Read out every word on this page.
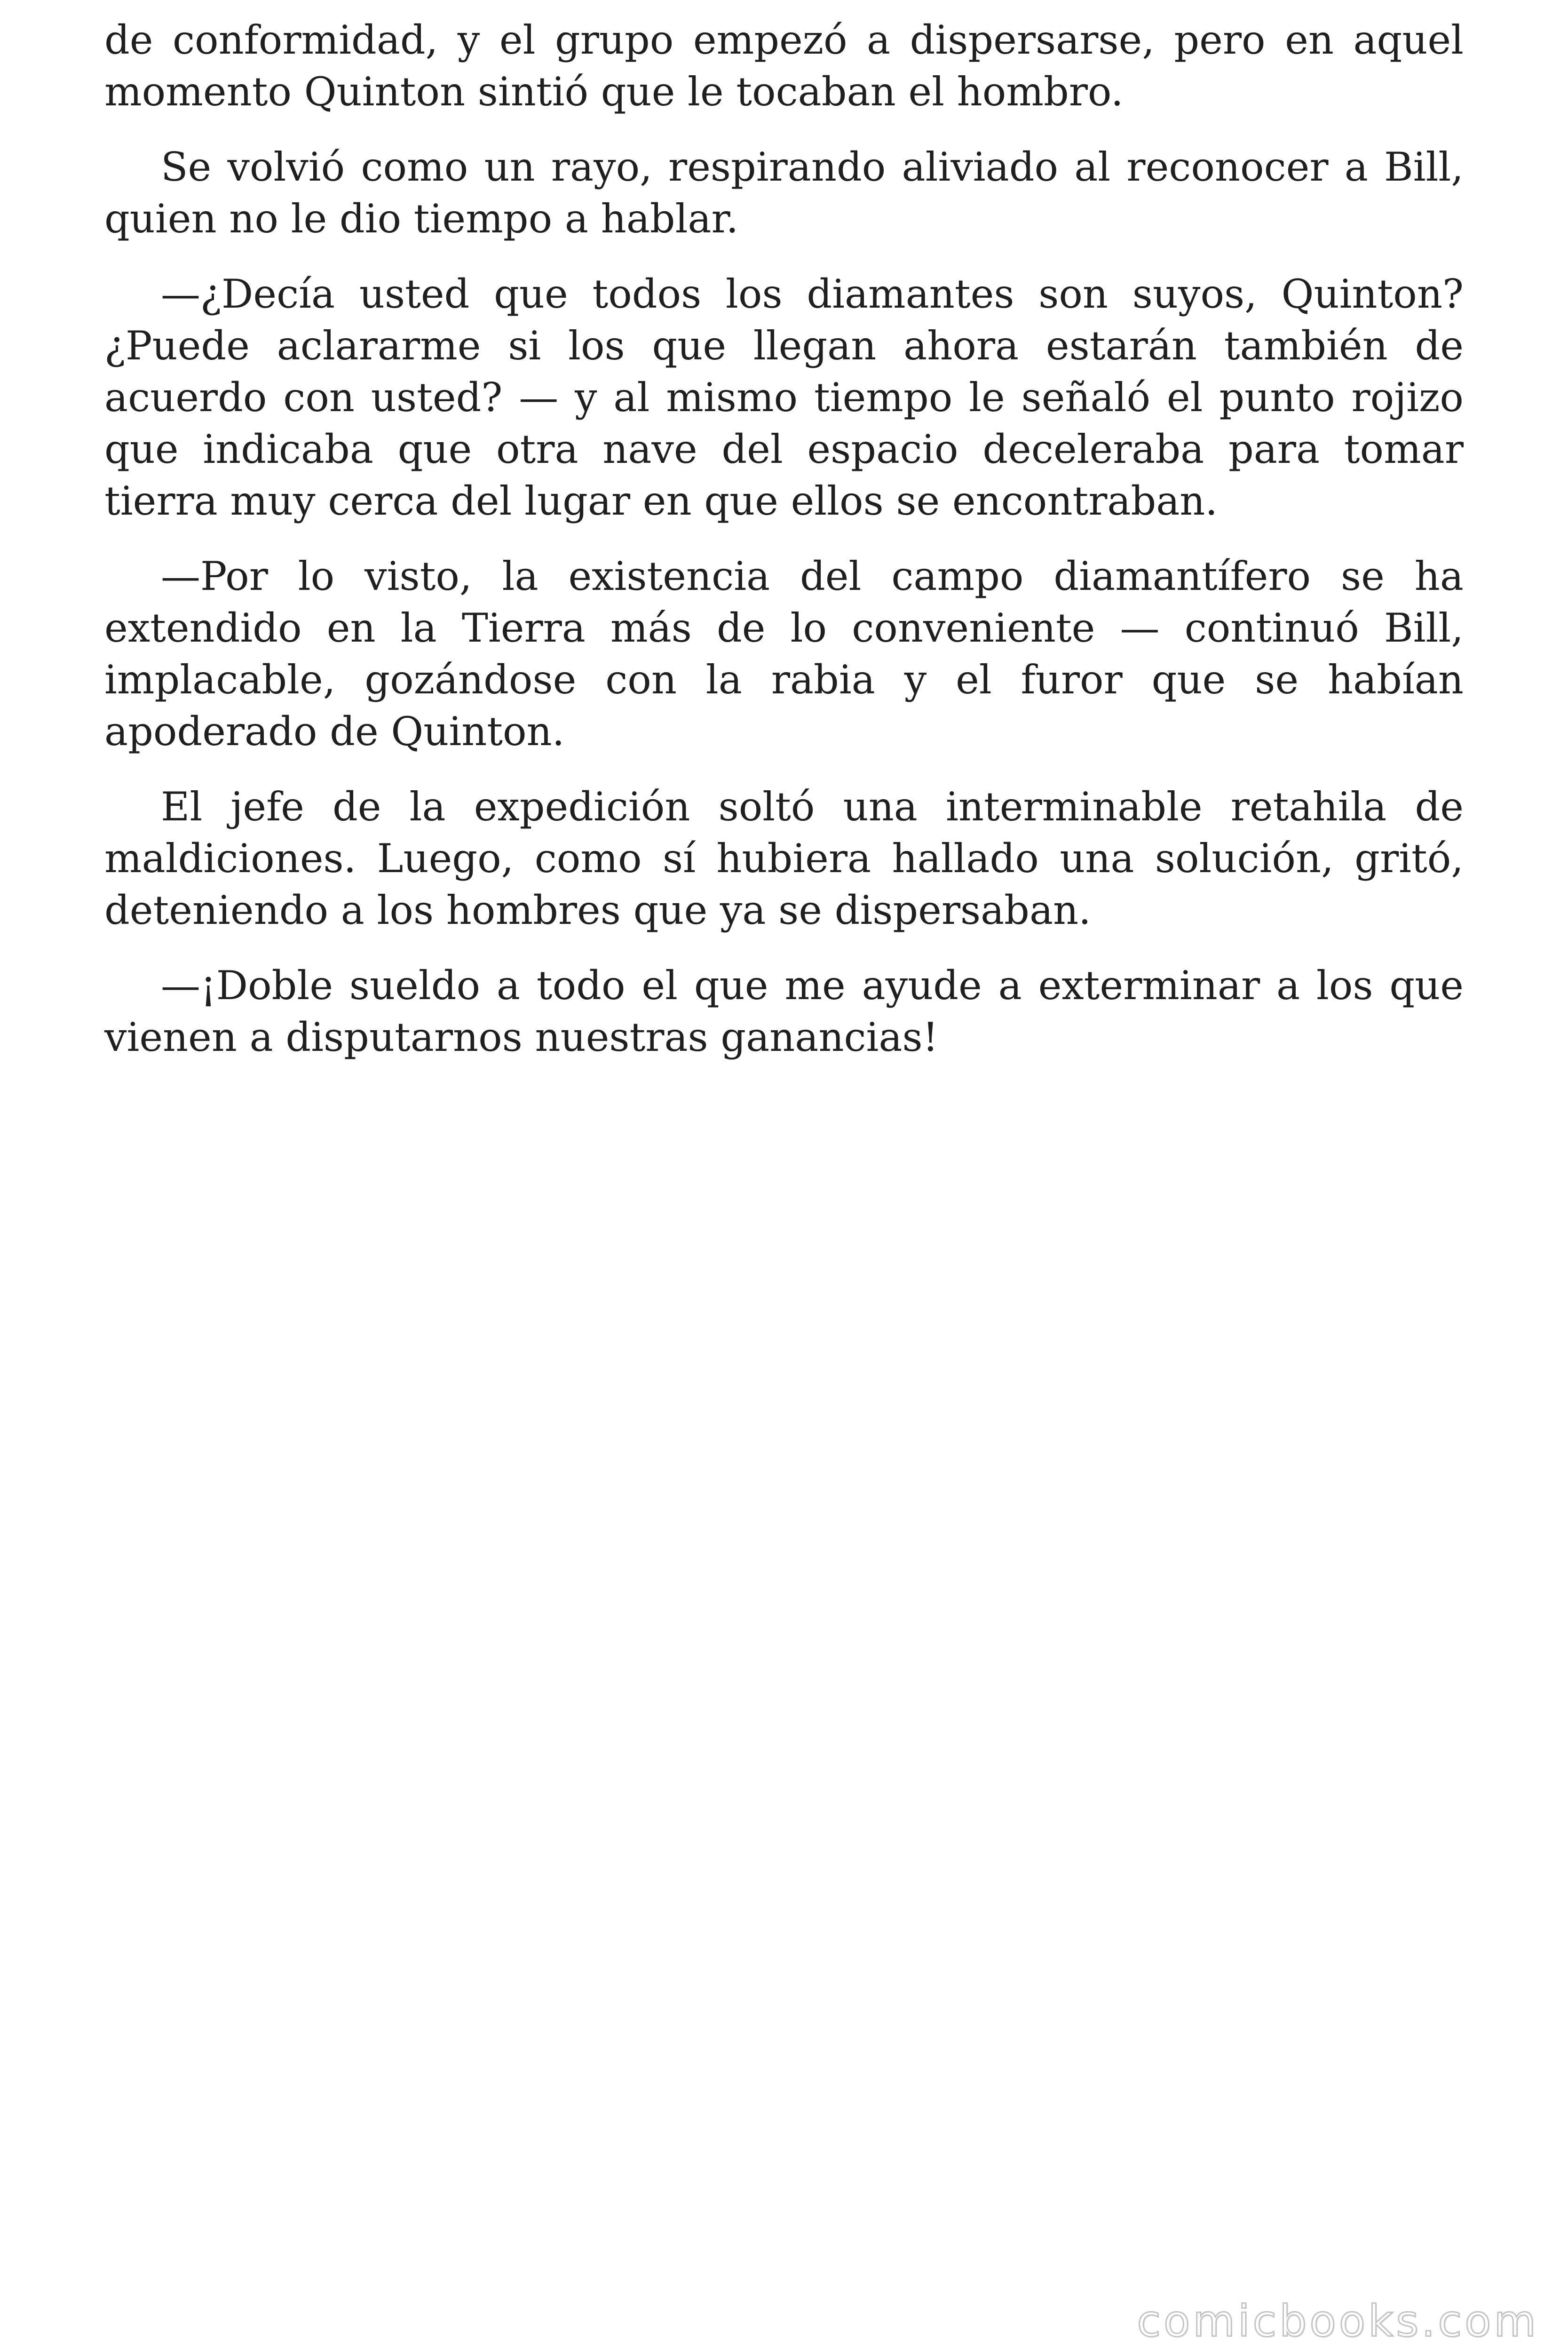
de conformidad, y el grupo empezó a dispersarse, pero en aquel momento Quinton sintió que le tocaban el hombro.

Se volvió como un rayo, respirando aliviado al reconocer a Bill, quien no le dio tiempo a hablar.

—¿Decía usted que todos los diamantes son suyos, Quinton? ¿Puede aclararme si los que llegan ahora estarán también de acuerdo con usted? — y al mismo tiempo le señaló el punto rojizo que indicaba que otra nave del espacio deceleraba para tomar tierra muy cerca del lugar en que ellos se encontraban.

—Por lo visto, la existencia del campo diamantífero se ha extendido en la Tierra más de lo conveniente — continuó Bill, implacable, gozándose con la rabia y el furor que se habían apoderado de Quinton.

El jefe de la expedición soltó una interminable retahila de maldiciones. Luego, como sí hubiera hallado una solución, gritó, deteniendo a los hombres que ya se dispersaban.

—¡Doble sueldo a todo el que me ayude a exterminar a los que vienen a disputarnos nuestras ganancias!

comicbooks.com
